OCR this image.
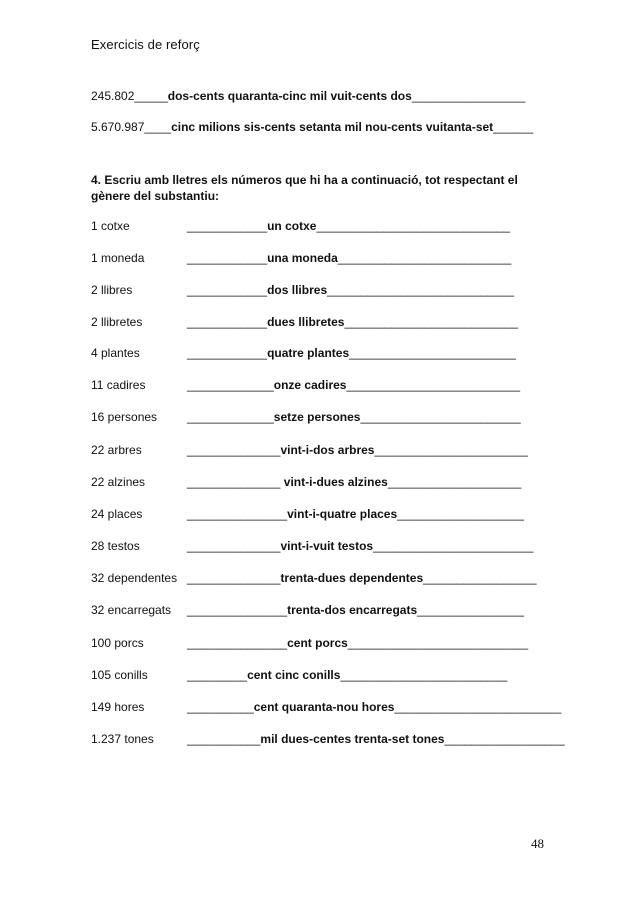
Exercicis de reforç
245.802_____dos-cents quaranta-cinc mil vuit-cents dos_________________
5.670.987____cinc milions sis-cents setanta mil nou-cents vuitanta-set______
4. Escriu amb lletres els números que hi ha a continuació, tot respectant el gènere del substantiu:
1 cotxe	____________un cotxe_____________________________
1 moneda	____________una moneda__________________________
2 llibres	____________dos llibres____________________________
2 llibretes	____________dues llibretes__________________________
4 plantes	____________quatre plantes_________________________
11 cadires	_____________onze cadires__________________________
16 persones _____________setze persones________________________
22 arbres	______________vint-i-dos arbres_______________________
22 alzines	______________ vint-i-dues alzines____________________
24 places	_______________vint-i-quatre places___________________
28 testos	______________vint-i-vuit testos________________________
32 dependentes ______________trenta-dues dependentes_________________
32 encarregats _______________trenta-dos encarregats________________
100 porcs	_______________cent porcs___________________________
105 conills	_________cent cinc conills_________________________
149 hores	__________cent quaranta-nou hores_________________________
1.237 tones	___________mil dues-centes trenta-set tones__________________
48
